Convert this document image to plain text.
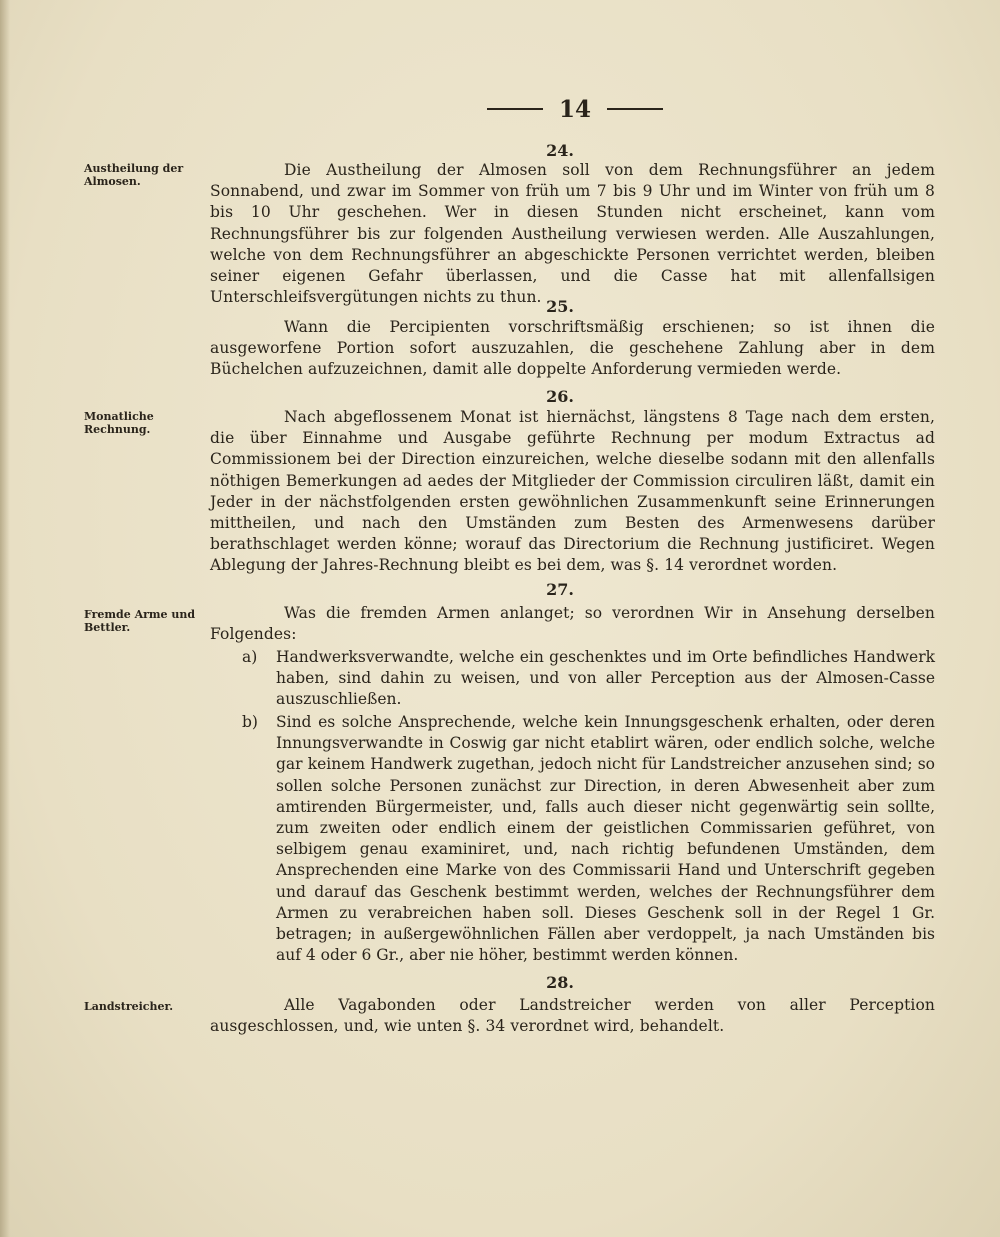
14
24.
Austheilung der Almosen.

Die Austheilung der Almosen soll von dem Rechnungsführer an jedem Sonnabend, und zwar im Sommer von früh um 7 bis 9 Uhr und im Winter von früh um 8 bis 10 Uhr geschehen. Wer in diesen Stunden nicht erscheinet, kann vom Rechnungsführer bis zur folgenden Austheilung verwiesen werden. Alle Auszahlungen, welche von dem Rechnungsführer an abgeschickte Personen verrichtet werden, bleiben seiner eigenen Gefahr überlassen, und die Casse hat mit allenfallsigen Unterschleifsvergütungen nichts zu thun. 25.

Wann die Percipienten vorschriftsmäßig erschienen; so ist ihnen die ausgeworfene Portion sofort auszuzahlen, die geschehene Zahlung aber in dem Büchelchen aufzuzeichnen, damit alle doppelte Anforderung vermieden werde.

26.
Monatliche Rechnung.

Nach abgeflossenem Monat ist hiernächst, längstens 8 Tage nach dem ersten, die über Einnahme und Ausgabe geführte Rechnung per modum Extractus ad Commissionem bei der Direction einzureichen, welche dieselbe sodann mit den allenfalls nöthigen Bemerkungen ad aedes der Mitglieder der Commission circuliren läßt, damit ein Jeder in der nächstfolgenden ersten gewöhnlichen Zusammenkunft seine Erinnerungen mittheilen, und nach den Umständen zum Besten des Armenwesens darüber berathschlaget werden könne; worauf das Directorium die Rechnung justificiret. Wegen Ablegung der Jahres-Rechnung bleibt es bei dem, was §. 14 verordnet worden.

27.
Fremde Arme und Bettler.

Was die fremden Armen anlanget; so verordnen Wir in Ansehung derselben Folgendes:

a) Handwerksverwandte, welche ein geschenktes und im Orte befindliches Handwerk haben, sind dahin zu weisen, und von aller Perception aus der Almosen-Casse auszuschließen.
b) Sind es solche Ansprechende, welche kein Innungsgeschenk erhalten, oder deren Innungsverwandte in Coswig gar nicht etablirt wären, oder endlich solche, welche gar keinem Handwerk zugethan, jedoch nicht für Landstreicher anzusehen sind; so sollen solche Personen zunächst zur Direction, in deren Abwesenheit aber zum amtirenden Bürgermeister, und, falls auch dieser nicht gegenwärtig sein sollte, zum zweiten oder endlich einem der geistlichen Commissarien geführet, von selbigem genau examiniret, und, nach richtig befundenen Umständen, dem Ansprechenden eine Marke von des Commissarii Hand und Unterschrift gegeben und darauf das Geschenk bestimmt werden, welches der Rechnungsführer dem Armen zu verabreichen haben soll. Dieses Geschenk soll in der Regel 1 Gr. betragen; in außergewöhnlichen Fällen aber verdoppelt, ja nach Umständen bis auf 4 oder 6 Gr., aber nie höher, bestimmt werden können.
28.
Landstreicher.	Alle Vagabonden oder Landstreicher werden von aller Perception ausgeschlossen, und, wie unten §. 34 verordnet wird, behandelt.
